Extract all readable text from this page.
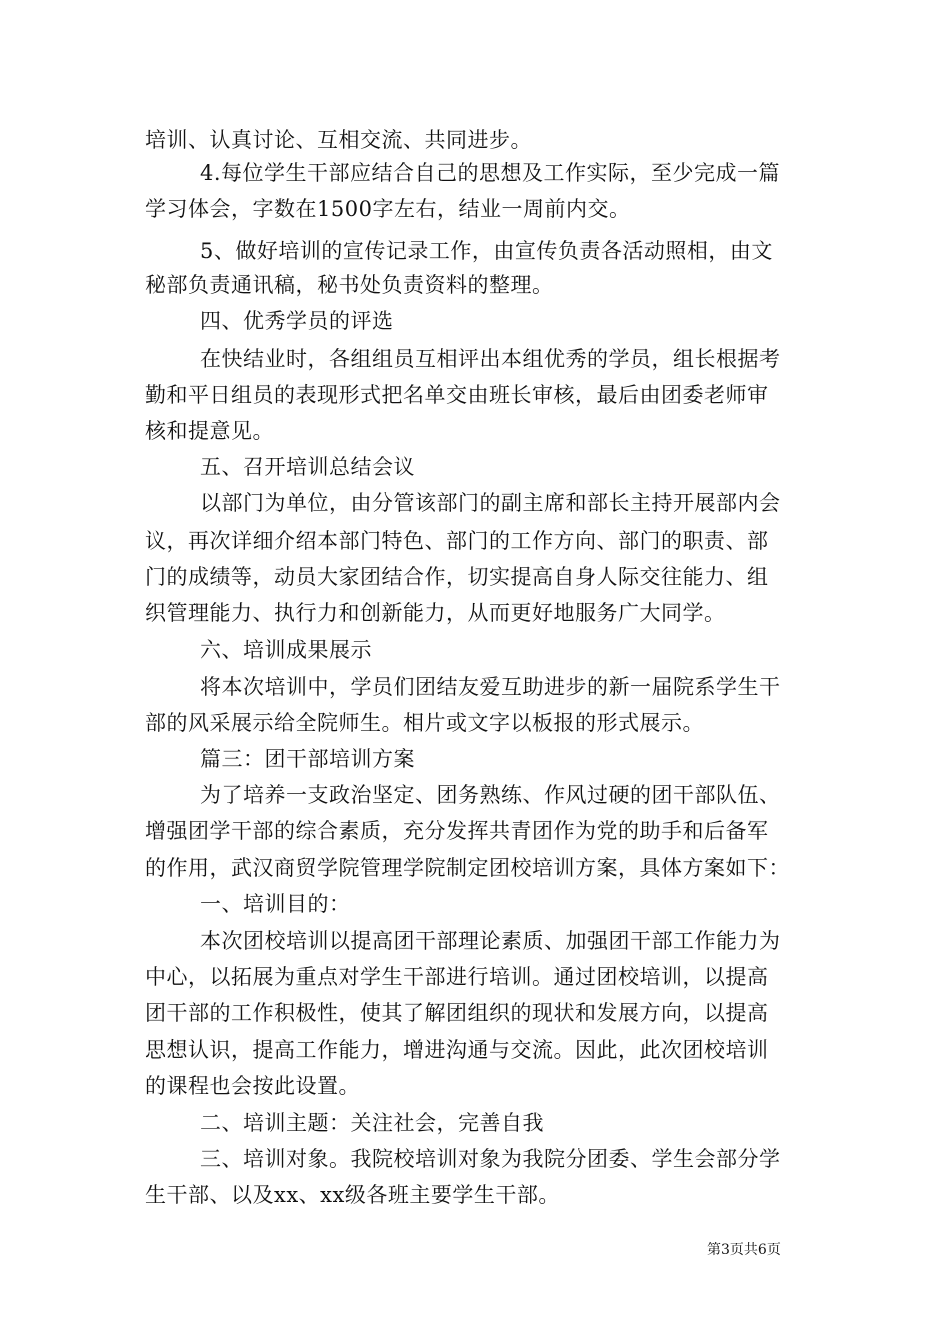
培训、认真讨论、互相交流、共同进步。
4.每位学生干部应结合自己的思想及工作实际，至少完成一篇
学习体会，字数在1500字左右，结业一周前内交。
5、做好培训的宣传记录工作，由宣传负责各活动照相，由文
秘部负责通讯稿，秘书处负责资料的整理。
四、优秀学员的评选
在快结业时，各组组员互相评出本组优秀的学员，组长根据考
勤和平日组员的表现形式把名单交由班长审核，最后由团委老师审
核和提意见。
五、召开培训总结会议
以部门为单位，由分管该部门的副主席和部长主持开展部内会
议，再次详细介绍本部门特色、部门的工作方向、部门的职责、部
门的成绩等，动员大家团结合作，切实提高自身人际交往能力、组
织管理能力、执行力和创新能力，从而更好地服务广大同学。
六、培训成果展示
将本次培训中，学员们团结友爱互助进步的新一届院系学生干
部的风采展示给全院师生。相片或文字以板报的形式展示。
篇三：团干部培训方案
为了培养一支政治坚定、团务熟练、作风过硬的团干部队伍、
增强团学干部的综合素质，充分发挥共青团作为党的助手和后备军
的作用，武汉商贸学院管理学院制定团校培训方案，具体方案如下：
一、培训目的：
本次团校培训以提高团干部理论素质、加强团干部工作能力为
中心，以拓展为重点对学生干部进行培训。通过团校培训，以提高
团干部的工作积极性，使其了解团组织的现状和发展方向，以提高
思想认识，提高工作能力，增进沟通与交流。因此，此次团校培训
的课程也会按此设置。
二、培训主题：关注社会，完善自我
三、培训对象。我院校培训对象为我院分团委、学生会部分学
生干部、以及xx、xx级各班主要学生干部。
第3页共6页
